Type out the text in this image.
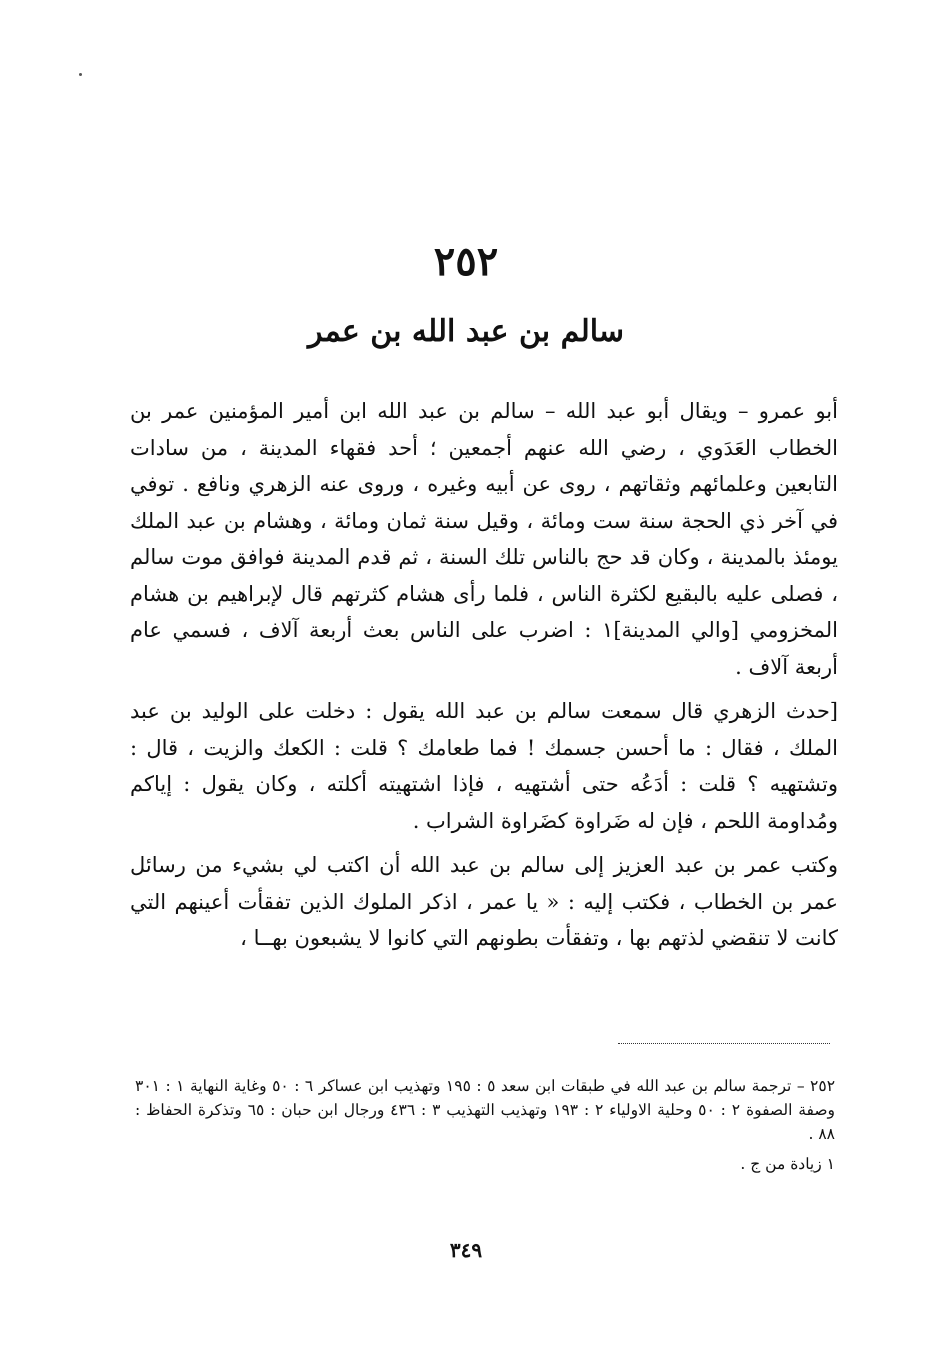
٢٥٢
سالم بن عبد الله بن عمر

أبو عمرو – ويقال أبو عبد الله – سالم بن عبد الله ابن أمير المؤمنين عمر بن الخطاب العَدَوي ، رضي الله عنهم أجمعين ؛ أحد فقهاء المدينة ، من سادات التابعين وعلمائهم وثقاتهم ، روى عن أبيه وغيره ، وروى عنه الزهري ونافع . توفي في آخر ذي الحجة سنة ست ومائة ، وقيل سنة ثمان ومائة ، وهشام بن عبد الملك يومئذ بالمدينة ، وكان قد حج بالناس تلك السنة ، ثم قدم المدينة فوافق موت سالم ، فصلى عليه بالبقيع لكثرة الناس ، فلما رأى هشام كثرتهم قال لإبراهيم بن هشام المخزومي [والي المدينة]١ : اضرب على الناس بعث أربعة آلاف ، فسمي عام أربعة آلاف .

[حدث الزهري قال سمعت سالم بن عبد الله يقول : دخلت على الوليد بن عبد الملك ، فقال : ما أحسن جسمك ! فما طعامك ؟ قلت : الكعك والزيت ، قال : وتشتهيه ؟ قلت : أدَعُه حتى أشتهيه ، فإذا اشتهيته أكلته ، وكان يقول : إياكم ومُداومة اللحم ، فإن له ضَراوة كضَراوة الشراب .

وكتب عمر بن عبد العزيز إلى سالم بن عبد الله أن اكتب لي بشيء من رسائل عمر بن الخطاب ، فكتب إليه : « يا عمر ، اذكر الملوك الذين تفقأت أعينهم التي كانت لا تنقضي لذتهم بها ، وتفقأت بطونهم التي كانوا لا يشبعون بهــا ،

٢٥٢ – ترجمة سالم بن عبد الله في طبقات ابن سعد ٥ : ١٩٥ وتهذيب ابن عساكر ٦ : ٥٠ وغاية النهاية ١ : ٣٠١ وصفة الصفوة ٢ : ٥٠ وحلية الاولياء ٢ : ١٩٣ وتهذيب التهذيب ٣ : ٤٣٦ ورجال ابن حبان : ٦٥ وتذكرة الحفاظ : ٨٨ .

١ زيادة من ج .

٣٤٩
